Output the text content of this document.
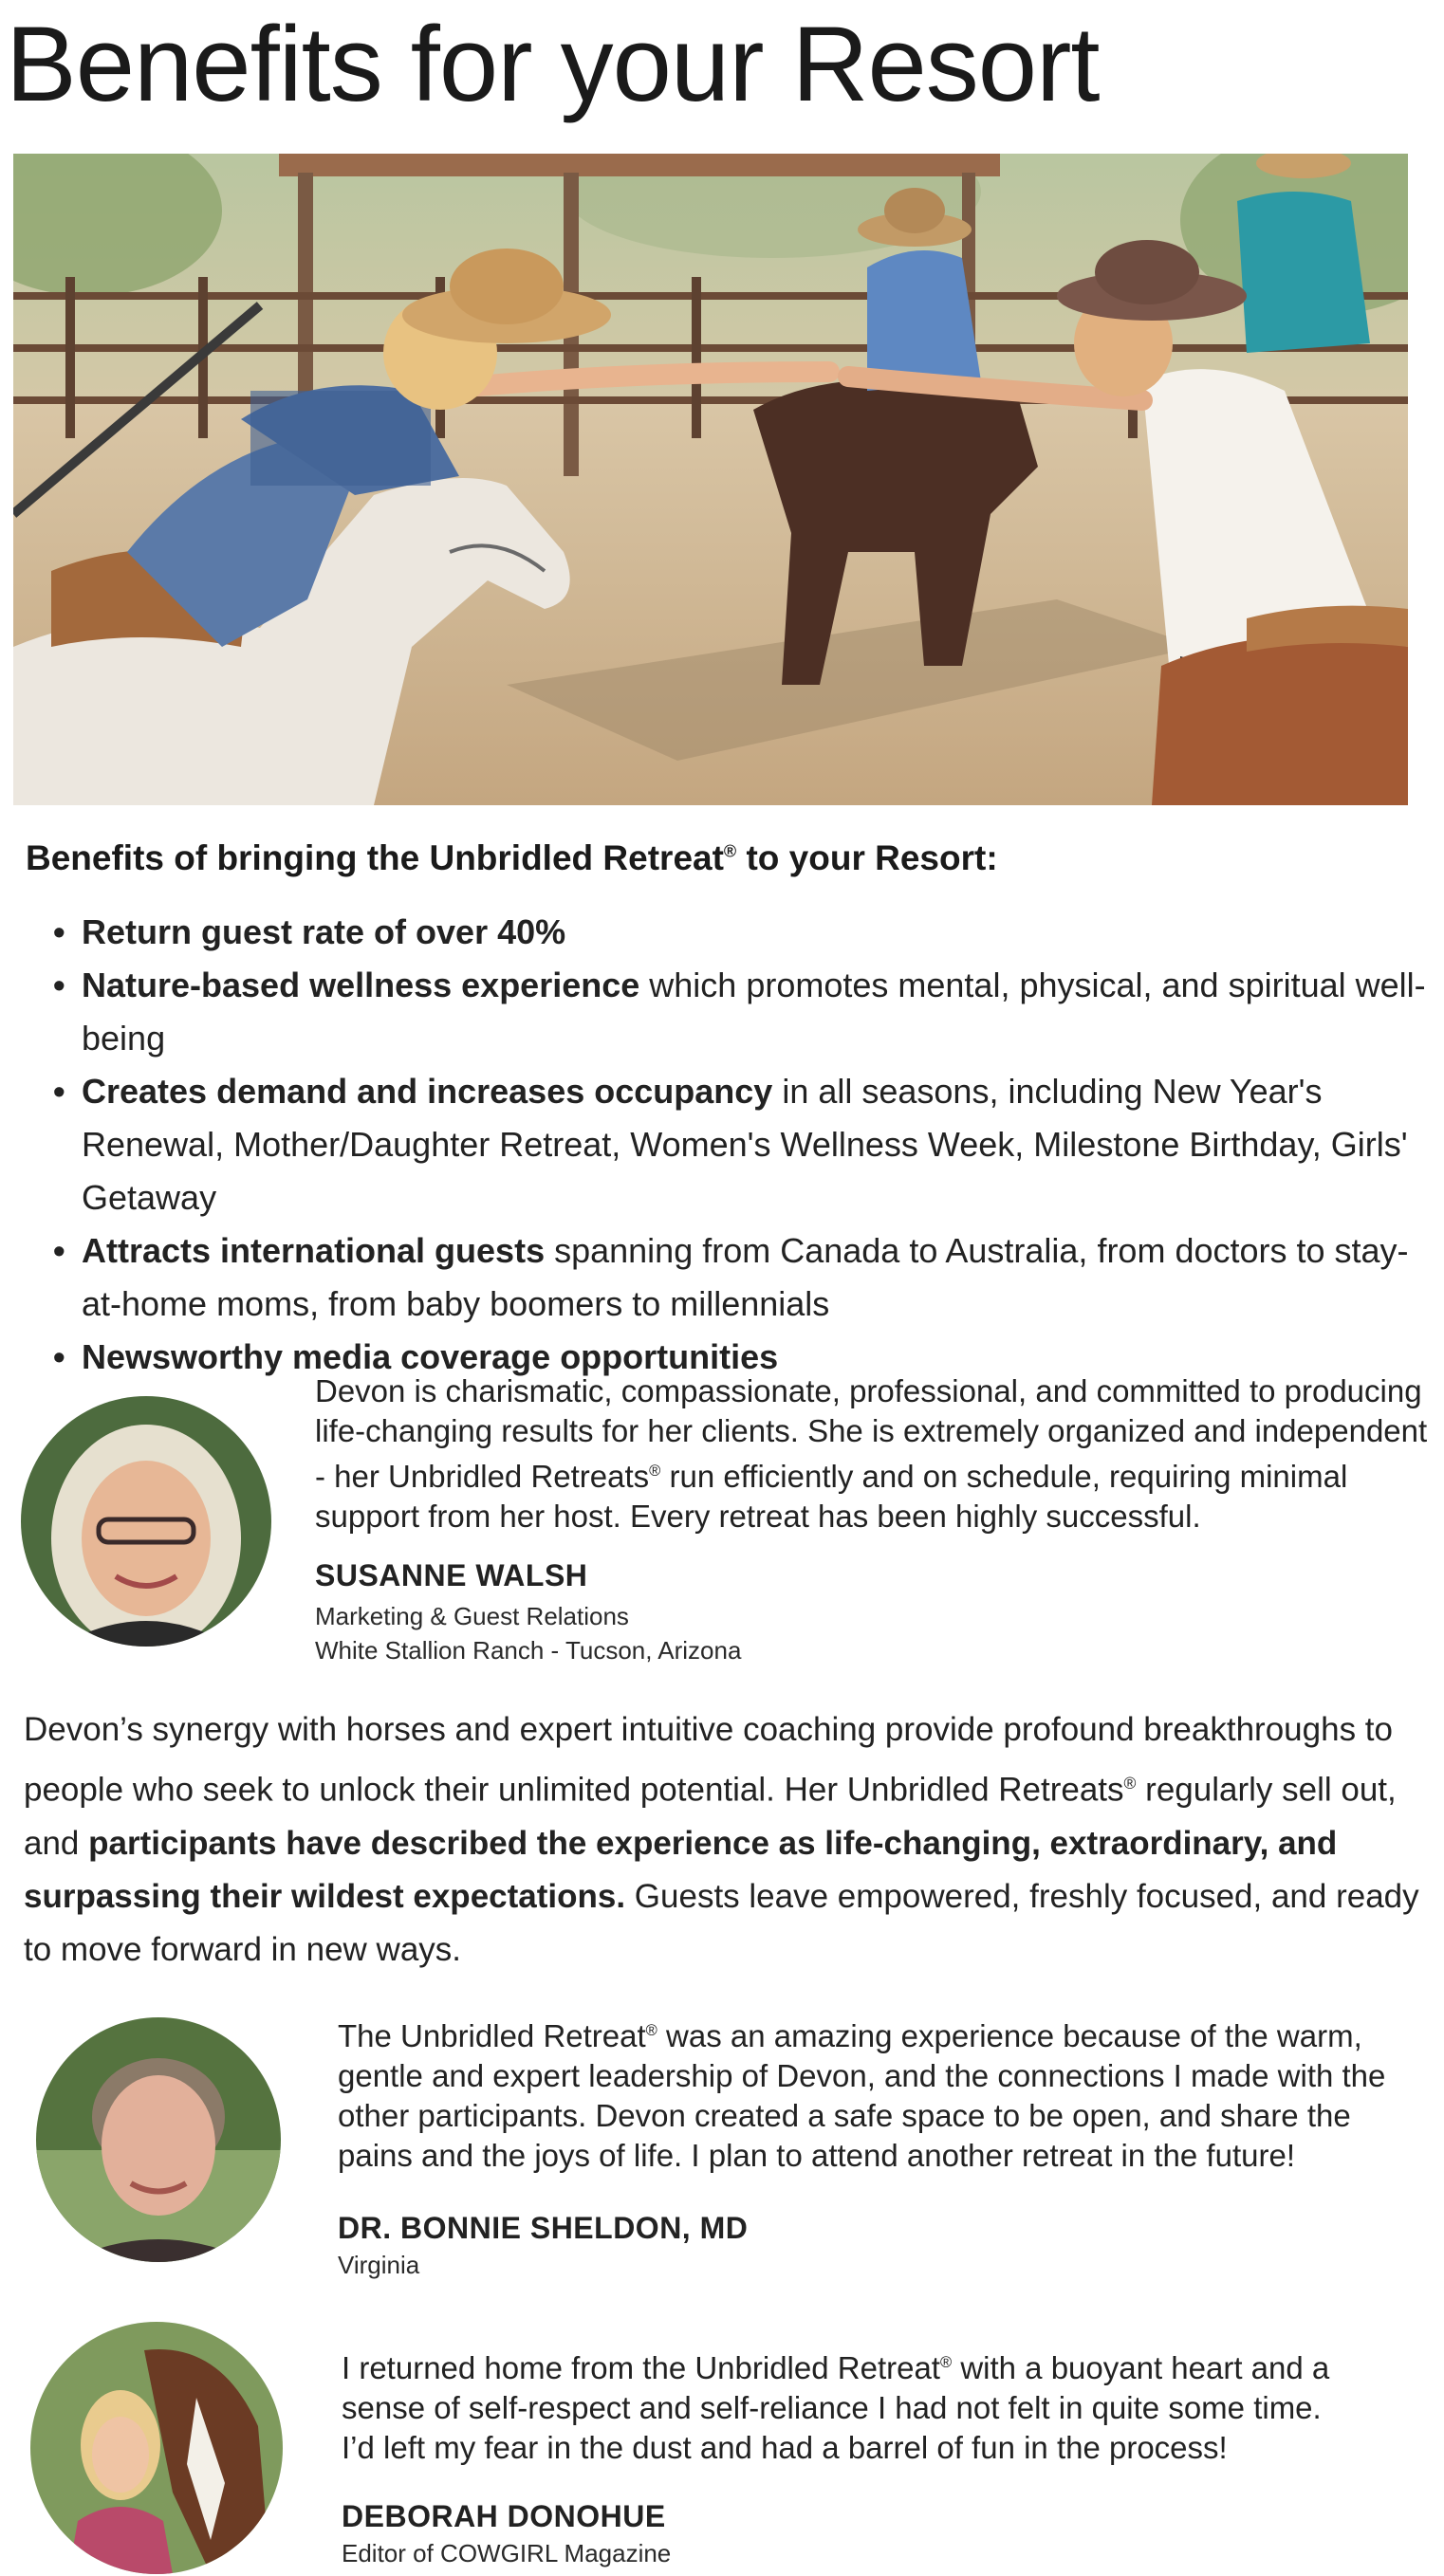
Benefits for your Resort
Benefits of bringing the Unbridled Retreat® to your Resort:
• Return guest rate of over 40%
• Nature-based wellness experience which promotes mental, physical, and spiritual well-being
• Creates demand and increases occupancy in all seasons, including New Year's Renewal, Mother/Daughter Retreat, Women's Wellness Week, Milestone Birthday, Girls' Getaway
• Attracts international guests spanning from Canada to Australia, from doctors to stay-at-home moms, from baby boomers to millennials
• Newsworthy media coverage opportunities

Devon is charismatic, compassionate, professional, and committed to producing life-changing results for her clients. She is extremely organized and independent - her Unbridled Retreats® run efficiently and on schedule, requiring minimal support from her host. Every retreat has been highly successful.

SUSANNE WALSH

Marketing & Guest Relations

White Stallion Ranch - Tucson, Arizona

Devon’s synergy with horses and expert intuitive coaching provide profound breakthroughs to people who seek to unlock their unlimited potential. Her Unbridled Retreats® regularly sell out, and participants have described the experience as life-changing, extraordinary, and surpassing their wildest expectations. Guests leave empowered, freshly focused, and ready to move forward in new ways.

The Unbridled Retreat® was an amazing experience because of the warm, gentle and expert leadership of Devon, and the connections I made with the other participants. Devon created a safe space to be open, and share the pains and the joys of life. I plan to attend another retreat in the future!

DR. BONNIE SHELDON, MD

Virginia

I returned home from the Unbridled Retreat® with a buoyant heart and a sense of self-respect and self-reliance I had not felt in quite some time. I’d left my fear in the dust and had a barrel of fun in the process!

DEBORAH DONOHUE

Editor of COWGIRL Magazine
